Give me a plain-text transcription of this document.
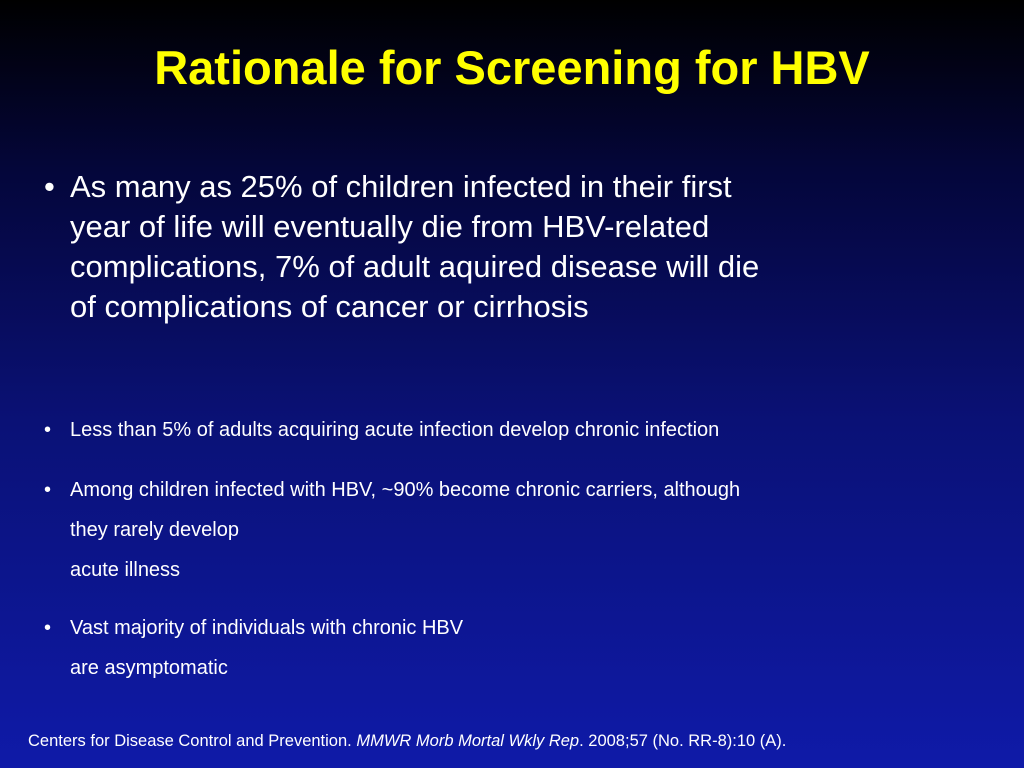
Rationale for Screening for HBV
• As many as 25% of children infected in their first
year of life will eventually die from HBV-related
complications, 7% of adult aquired disease will die
of complications of cancer or cirrhosis
• Less than 5% of adults acquiring acute infection develop chronic infection
• Among children infected with HBV, ~90% become chronic carriers, although
they rarely develop
acute illness
• Vast majority of individuals with chronic HBV
are asymptomatic
Centers for Disease Control and Prevention. MMWR Morb Mortal Wkly Rep. 2008;57 (No. RR-8):10 (A).
